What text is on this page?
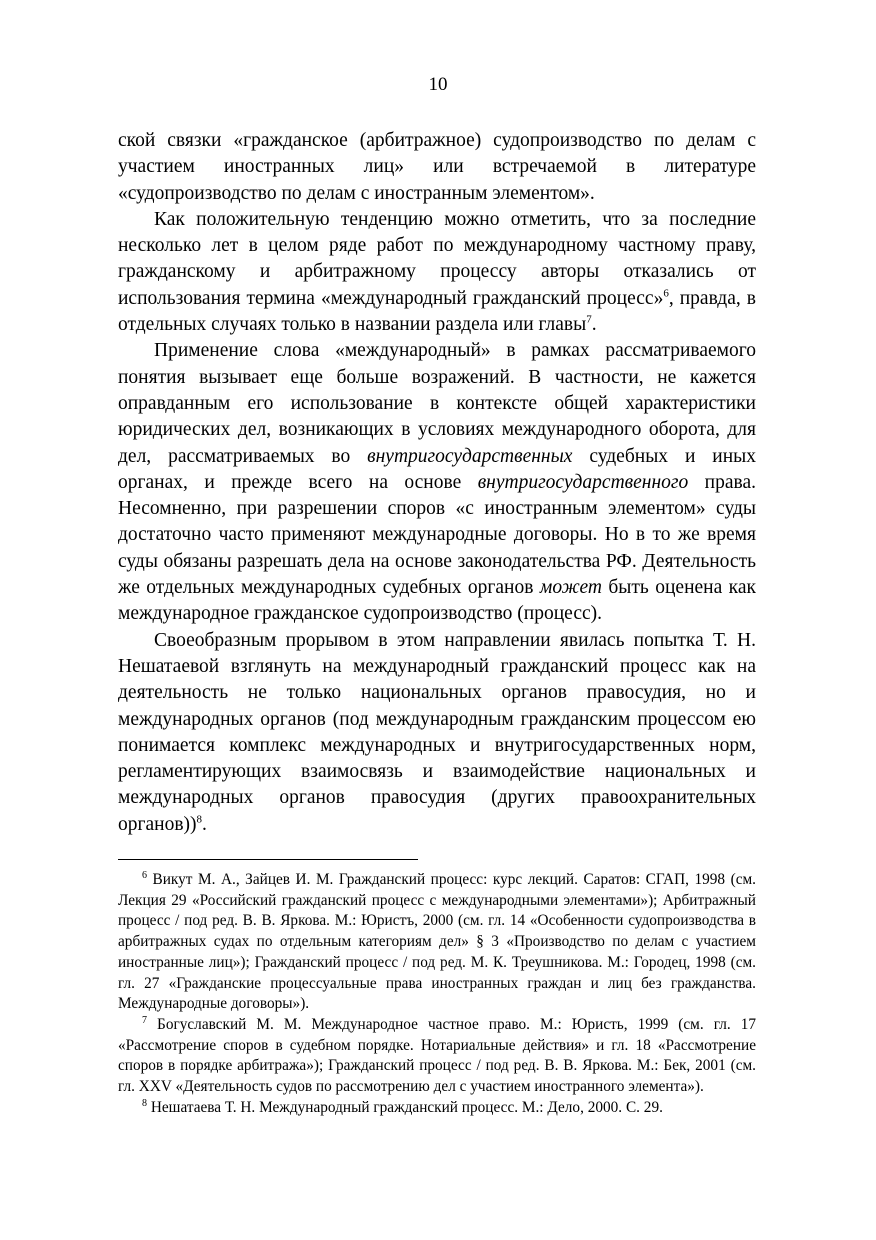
10

ской связки «гражданское (арбитражное) судопроизводство по делам с участием иностранных лиц» или встречаемой в литературе «судопроизводство по делам с иностранным элементом».

Как положительную тенденцию можно отметить, что за последние несколько лет в целом ряде работ по международному частному праву, гражданскому и арбитражному процессу авторы отказались от использования термина «международный гражданский процесс»$^6$, правда, в отдельных случаях только в названии раздела или главы$^7$.

Применение слова «международный» в рамках рассматриваемого понятия вызывает еще больше возражений. В частности, не кажется оправданным его использование в контексте общей характеристики юридических дел, возникающих в условиях международного оборота, для дел, рассматриваемых во внутригосударственных судебных и иных органах, и прежде всего на основе внутригосударственного права. Несомненно, при разрешении споров «с иностранным элементом» суды достаточно часто применяют международные договоры. Но в то же время суды обязаны разрешать дела на основе законодательства РФ. Деятельность же отдельных международных судебных органов может быть оценена как международное гражданское судопроизводство (процесс).

Своеобразным прорывом в этом направлении явилась попытка Т. Н. Нешатаевой взглянуть на международный гражданский процесс как на деятельность не только национальных органов правосудия, но и международных органов (под международным гражданским процессом ею понимается комплекс международных и внутригосударственных норм, регламентирующих взаимосвязь и взаимодействие национальных и международных органов правосудия (других правоохранительных органов))$^8$.

$^6$ Викут М. А., Зайцев И. М. Гражданский процесс: курс лекций. Саратов: СГАП, 1998 (см. Лекция 29 «Российский гражданский процесс с международными элементами»); Арбитражный процесс / под ред. В. В. Яркова. М.: Юристъ, 2000 (см. гл. 14 «Особенности судопроизводства в арбитражных судах по отдельным категориям дел» § 3 «Производство по делам с участием иностранные лиц»); Гражданский процесс / под ред. М. К. Треушникова. М.: Городец, 1998 (см. гл. 27 «Гражданские процессуальные права иностранных граждан и лиц без гражданства. Международные договоры»).

$^7$ Богуславский М. М. Международное частное право. М.: Юристь, 1999 (см. гл. 17 «Рассмотрение споров в судебном порядке. Нотариальные действия» и гл. 18 «Рассмотрение споров в порядке арбитража»); Гражданский процесс / под ред. В. В. Яркова. М.: Бек, 2001 (см. гл. XXV «Деятельность судов по рассмотрению дел с участием иностранного элемента»).

$^8$ Нешатаева Т. Н. Международный гражданский процесс. М.: Дело, 2000. С. 29.
